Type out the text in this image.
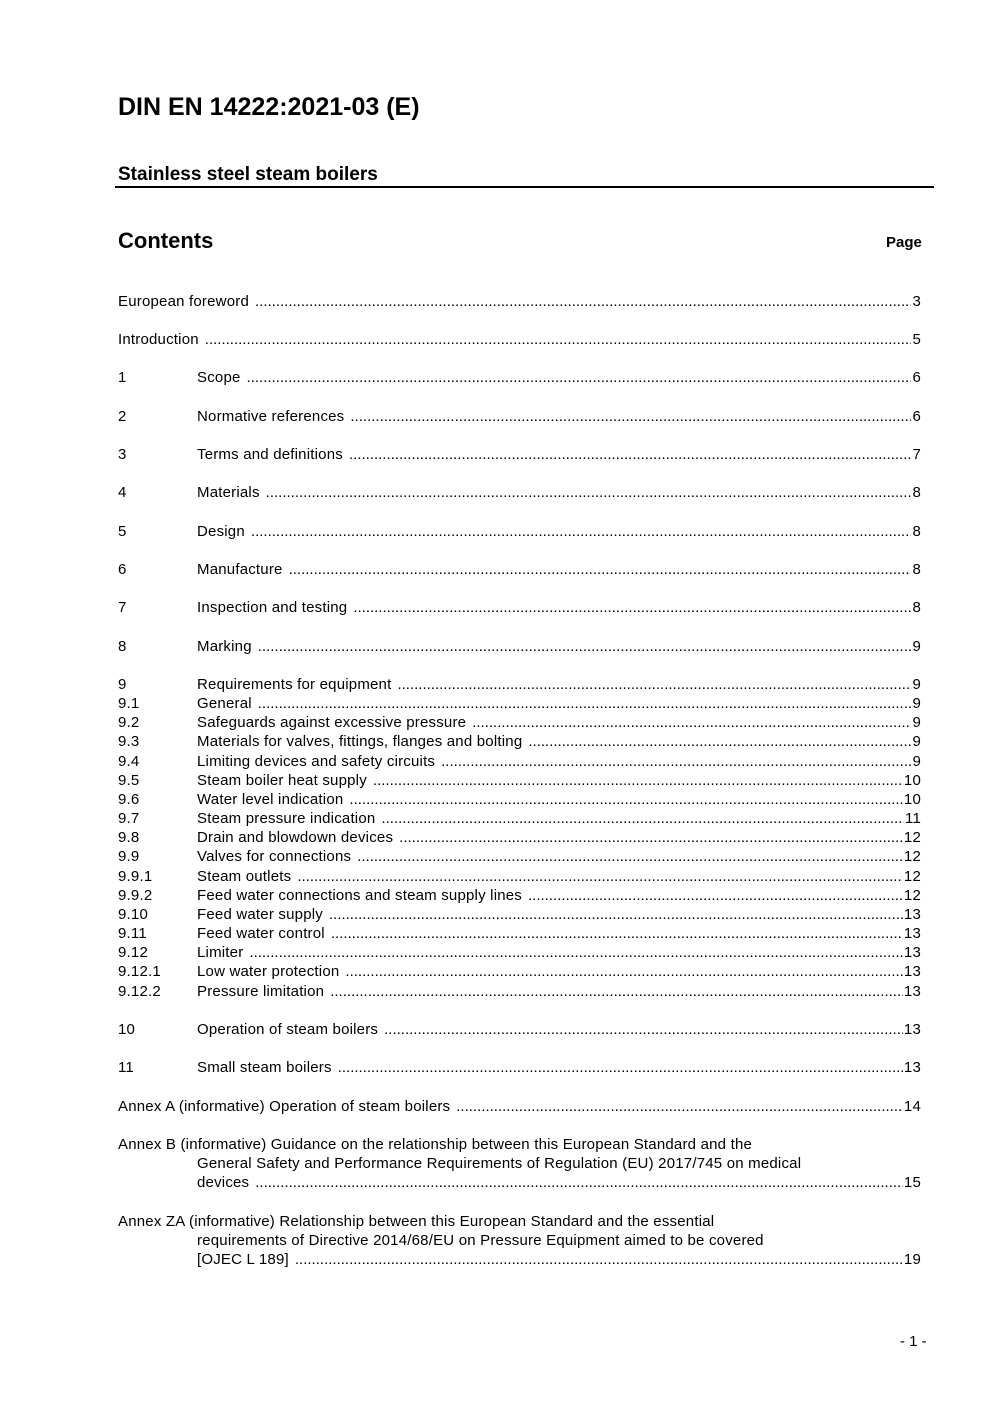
DIN EN 14222:2021-03 (E)
Stainless steel steam boilers
Contents	Page
European foreword .....	3
Introduction .....	5
1	Scope .....	6
2	Normative references .....	6
3	Terms and definitions .....	7
4	Materials .....	8
5	Design .....	8
6	Manufacture .....	8
7	Inspection and testing .....	8
8	Marking .....	9
9	Requirements for equipment .....	9
9.1	General .....	9
9.2	Safeguards against excessive pressure .....	9
9.3	Materials for valves, fittings, flanges and bolting .....	9
9.4	Limiting devices and safety circuits .....	9
9.5	Steam boiler heat supply .....	10
9.6	Water level indication .....	10
9.7	Steam pressure indication .....	11
9.8	Drain and blowdown devices .....	12
9.9	Valves for connections .....	12
9.9.1	Steam outlets .....	12
9.9.2	Feed water connections and steam supply lines .....	12
9.10	Feed water supply .....	13
9.11	Feed water control .....	13
9.12	Limiter .....	13
9.12.1	Low water protection .....	13
9.12.2	Pressure limitation .....	13
10	Operation of steam boilers .....	13
11	Small steam boilers .....	13
Annex A (informative) Operation of steam boilers .....	14
Annex B (informative) Guidance on the relationship between this European Standard and the
General Safety and Performance Requirements of Regulation (EU) 2017/745 on medical
devices .....	15
Annex ZA (informative) Relationship between this European Standard and the essential
requirements of Directive 2014/68/EU on Pressure Equipment aimed to be covered
[OJEC L 189] .....	19
- 1 -
